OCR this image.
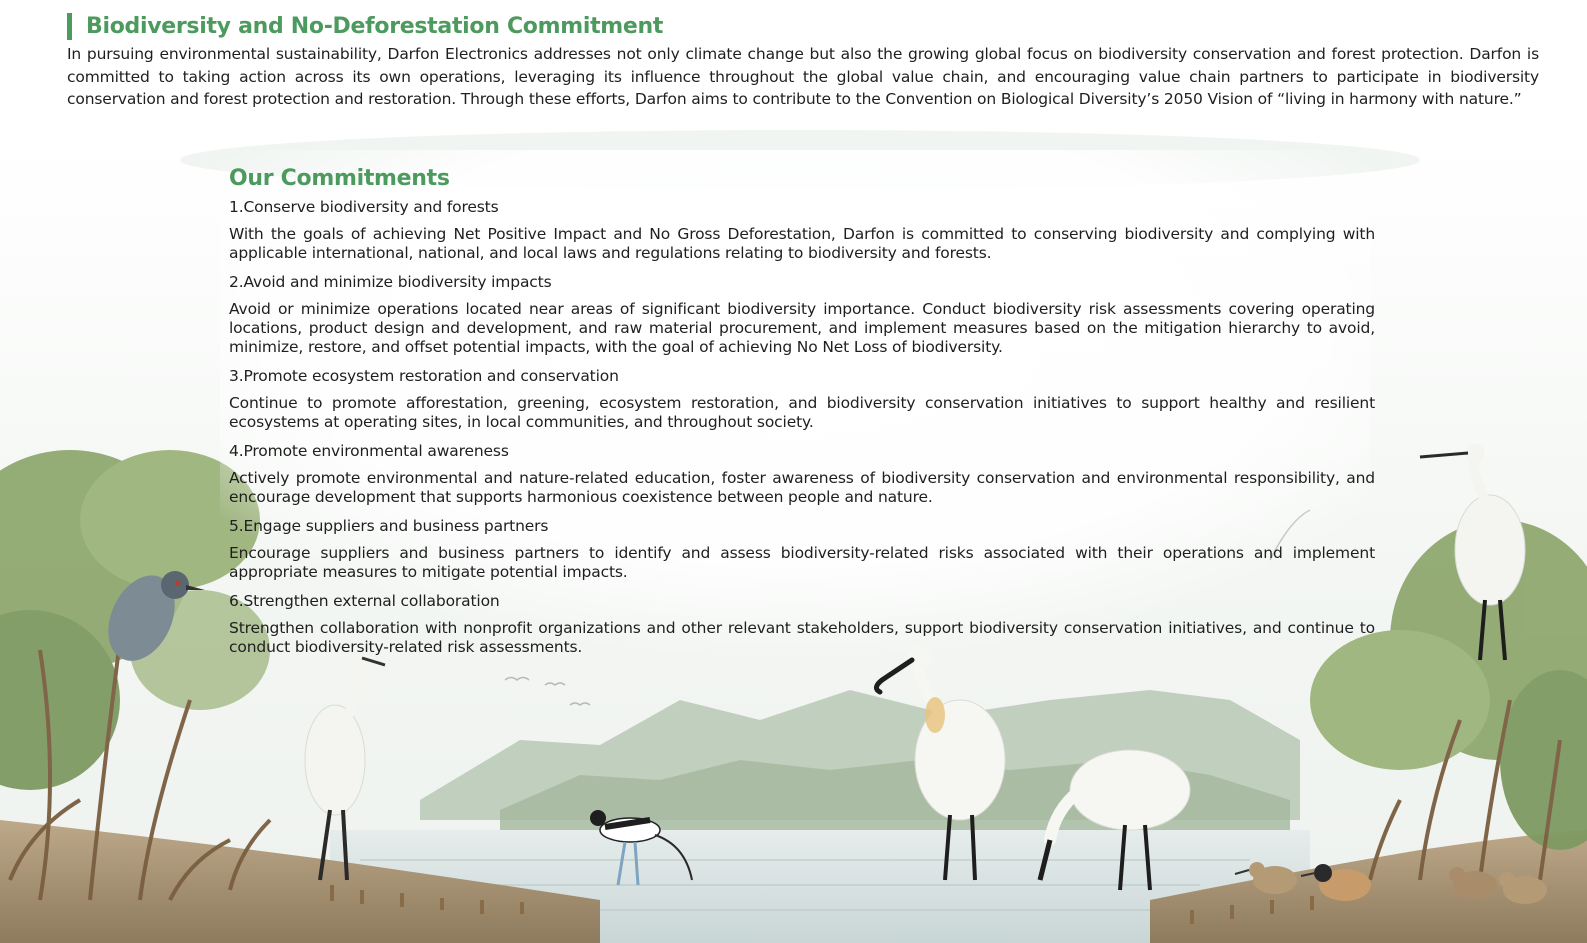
Biodiversity and No-Deforestation Commitment

In pursuing environmental sustainability, Darfon Electronics addresses not only climate change but also the growing global focus on biodiversity conservation and forest protection. Darfon is committed to taking action across its own operations, leveraging its influence throughout the global value chain, and encouraging value chain partners to participate in biodiversity conservation and forest protection and restoration. Through these efforts, Darfon aims to contribute to the Convention on Biological Diversity’s 2050 Vision of “living in harmony with nature.”

Our Commitments

1.Conserve biodiversity and forests

With the goals of achieving Net Positive Impact and No Gross Deforestation, Darfon is committed to conserving biodiversity and complying with applicable international, national, and local laws and regulations relating to biodiversity and forests.

2.Avoid and minimize biodiversity impacts

Avoid or minimize operations located near areas of significant biodiversity importance. Conduct biodiversity risk assessments covering operating locations, product design and development, and raw material procurement, and implement measures based on the mitigation hierarchy to avoid, minimize, restore, and offset potential impacts, with the goal of achieving No Net Loss of biodiversity.

3.Promote ecosystem restoration and conservation

Continue to promote afforestation, greening, ecosystem restoration, and biodiversity conservation initiatives to support healthy and resilient ecosystems at operating sites, in local communities, and throughout society.

4.Promote environmental awareness

Actively promote environmental and nature-related education, foster awareness of biodiversity conservation and environmental responsibility, and encourage development that supports harmonious coexistence between people and nature.

5.Engage suppliers and business partners

Encourage suppliers and business partners to identify and assess biodiversity-related risks associated with their operations and implement appropriate measures to mitigate potential impacts.

6.Strengthen external collaboration

Strengthen collaboration with nonprofit organizations and other relevant stakeholders, support biodiversity conservation initiatives, and continue to conduct biodiversity-related risk assessments.
